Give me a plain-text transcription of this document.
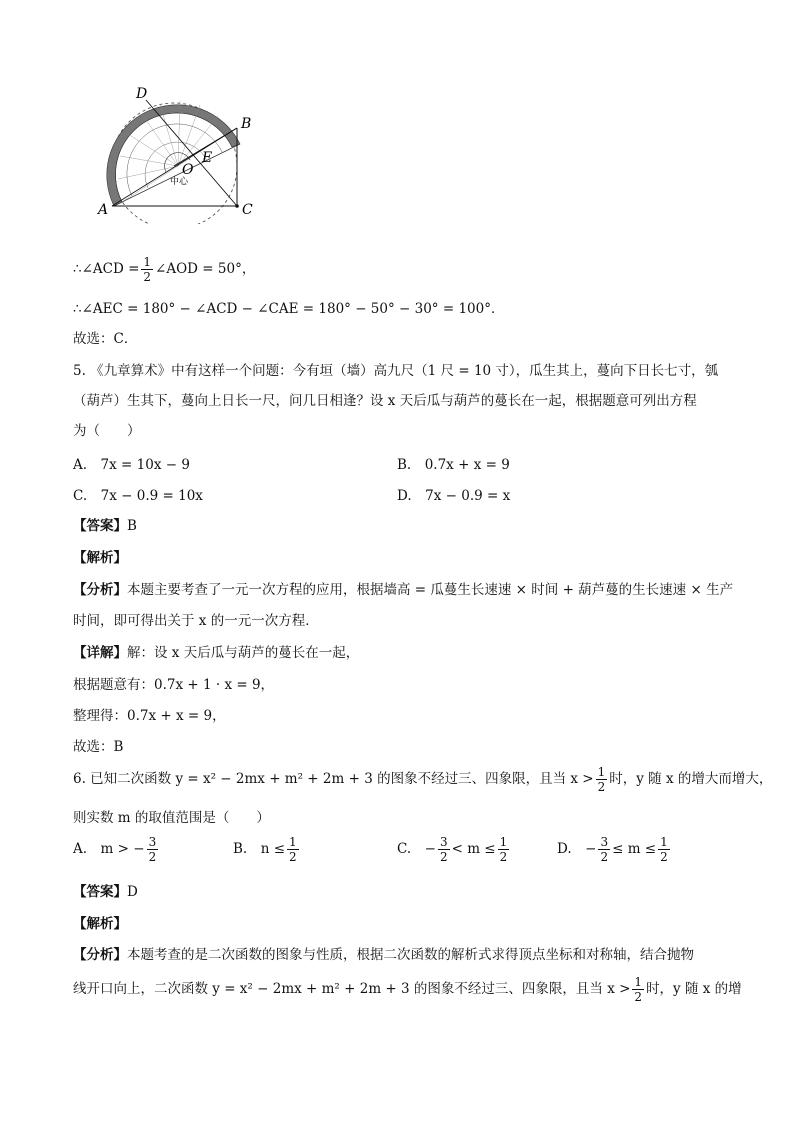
D
B
E
O
中心
A	C
∴∠ACD = $\frac{1}{2}$ ∠AOD = 50°，
∴∠AEC = 180° − ∠ACD − ∠CAE = 180° − 50° − 30° = 100°．
故选：C．
5. 《九章算术》中有这样一个问题：今有垣（墙）高九尺（1 尺 = 10 寸），瓜生其上，蔓向下日长七寸，瓠
（葫芦）生其下，蔓向上日长一尺，问几日相逢？设 x 天后瓜与葫芦的蔓长在一起，根据题意可列出方程
为（　　）
A.　7x = 10x − 9	B.　0.7x + x = 9
C.　7x − 0.9 = 10x	D.　7x − 0.9 = x
【答案】B
【解析】
【分析】本题主要考查了一元一次方程的应用，根据墙高 = 瓜蔓生长速速 × 时间 + 葫芦蔓的生长速速 × 生产
时间，即可得出关于 x 的一元一次方程．
【详解】解：设 x 天后瓜与葫芦的蔓长在一起，
根据题意有：0.7x + 1 · x = 9，
整理得：0.7x + x = 9，
故选：B
6. 已知二次函数 y = x² − 2mx + m² + 2m + 3 的图象不经过三、四象限，且当 $x > \frac{1}{2}$ 时，y 随 x 的增大而增大，
则实数 m 的取值范围是（　　）
A.　m > − $\frac{3}{2}$	B.　$n \le \frac{1}{2}$	C.　− $\frac{3}{2} < m \le \frac{1}{2}$	D.　− $\frac{3}{2} \le m \le \frac{1}{2}$
【答案】D
【解析】
【分析】本题考查的是二次函数的图象与性质，根据二次函数的解析式求得顶点坐标和对称轴，结合抛物
线开口向上，二次函数 y = x² − 2mx + m² + 2m + 3 的图象不经过三、四象限，且当 $x > \frac{1}{2}$ 时，y 随 x 的增
